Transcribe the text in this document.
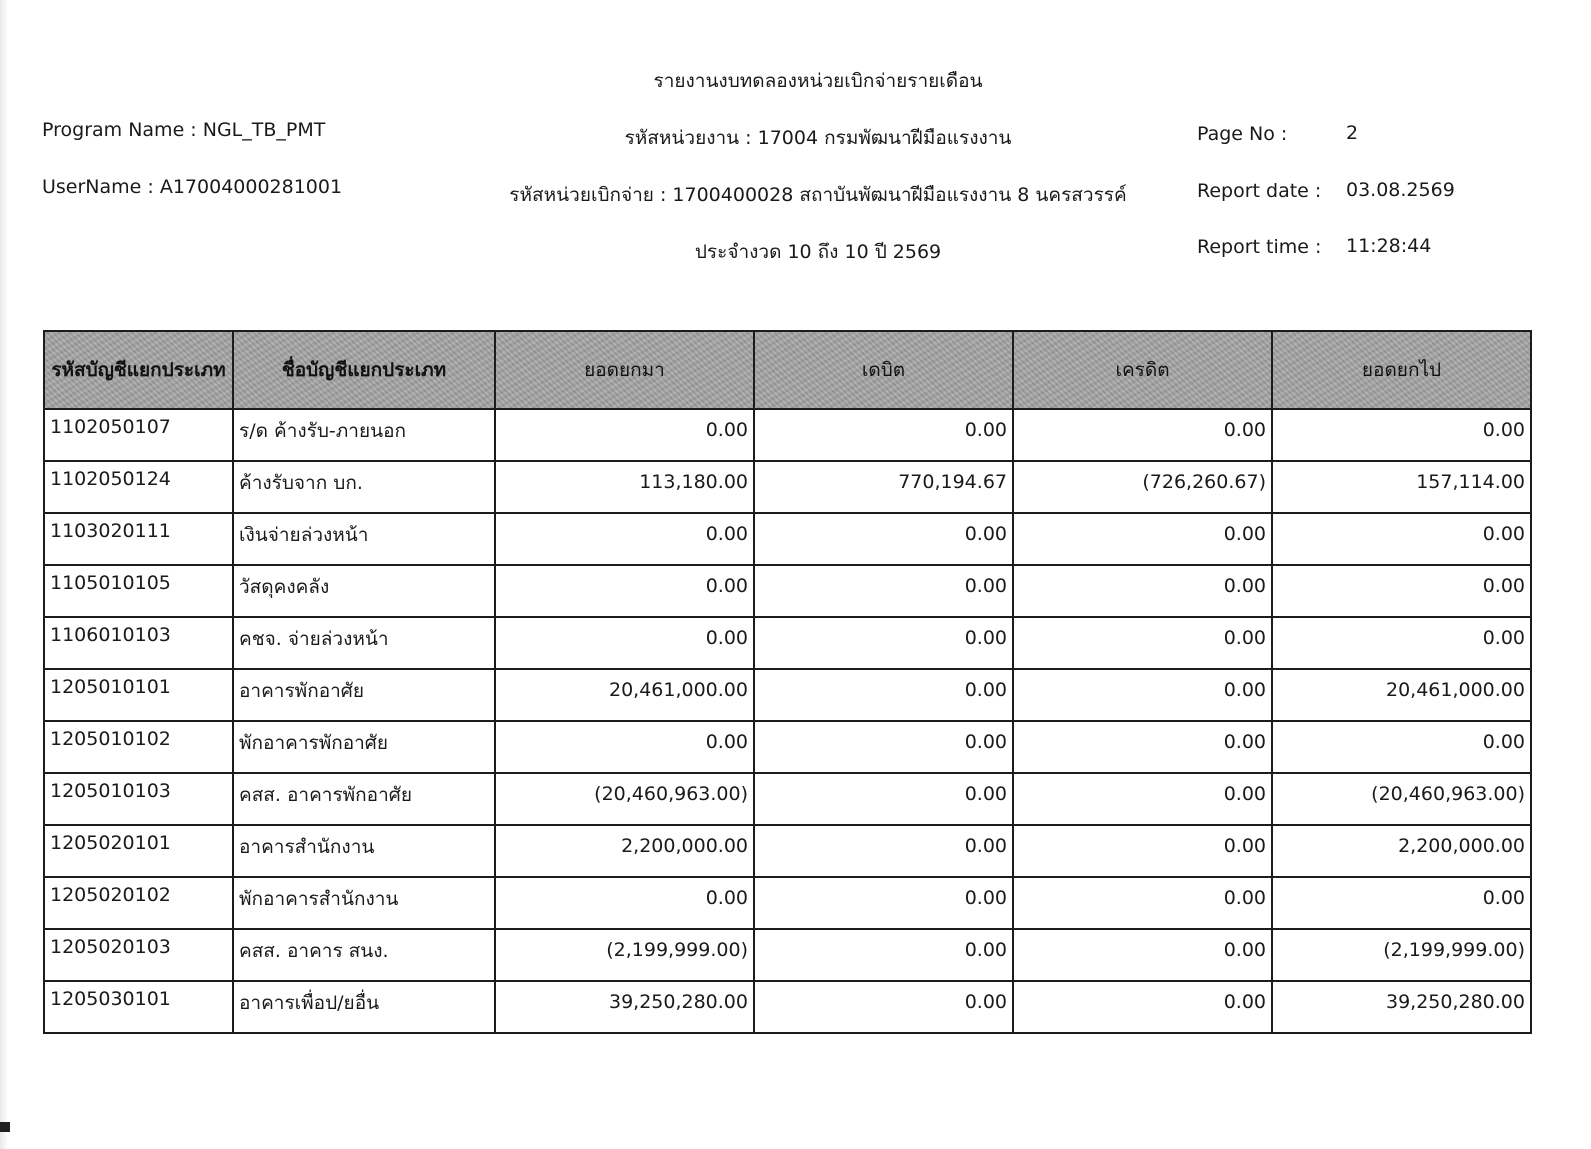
รายงานงบทดลองหน่วยเบิกจ่ายรายเดือน
Program Name : NGL_TB_PMT	รหัสหน่วยงาน : 17004 กรมพัฒนาฝีมือแรงงาน	Page No :	2
UserName : A17004000281001	รหัสหน่วยเบิกจ่าย : 1700400028 สถาบันพัฒนาฝีมือแรงงาน 8 นครสวรรค์	Report date : 03.08.2569
ประจำงวด 10 ถึง 10 ปี 2569	Report time : 11:28:44
รหัสบัญชีแยกประเภท	ชื่อบัญชีแยกประเภท	ยอดยกมา	เดบิต	เครดิต	ยอดยกไป
1102050107	ร/ด ค้างรับ-ภายนอก	0.00	0.00	0.00	0.00
1102050124	ค้างรับจาก บก.	113,180.00	770,194.67	(726,260.67)	157,114.00
1103020111	เงินจ่ายล่วงหน้า	0.00	0.00	0.00	0.00
1105010105	วัสดุคงคลัง	0.00	0.00	0.00	0.00
1106010103	คชจ. จ่ายล่วงหน้า	0.00	0.00	0.00	0.00
1205010101	อาคารพักอาศัย	20,461,000.00	0.00	0.00	20,461,000.00
1205010102	พักอาคารพักอาศัย	0.00	0.00	0.00	0.00
1205010103	คสส. อาคารพักอาศัย	(20,460,963.00)	0.00	0.00	(20,460,963.00)
1205020101	อาคารสำนักงาน	2,200,000.00	0.00	0.00	2,200,000.00
1205020102	พักอาคารสำนักงาน	0.00	0.00	0.00	0.00
1205020103	คสส. อาคาร สนง.	(2,199,999.00)	0.00	0.00	(2,199,999.00)
1205030101	อาคารเพื่อป/ยอื่น	39,250,280.00	0.00	0.00	39,250,280.00
